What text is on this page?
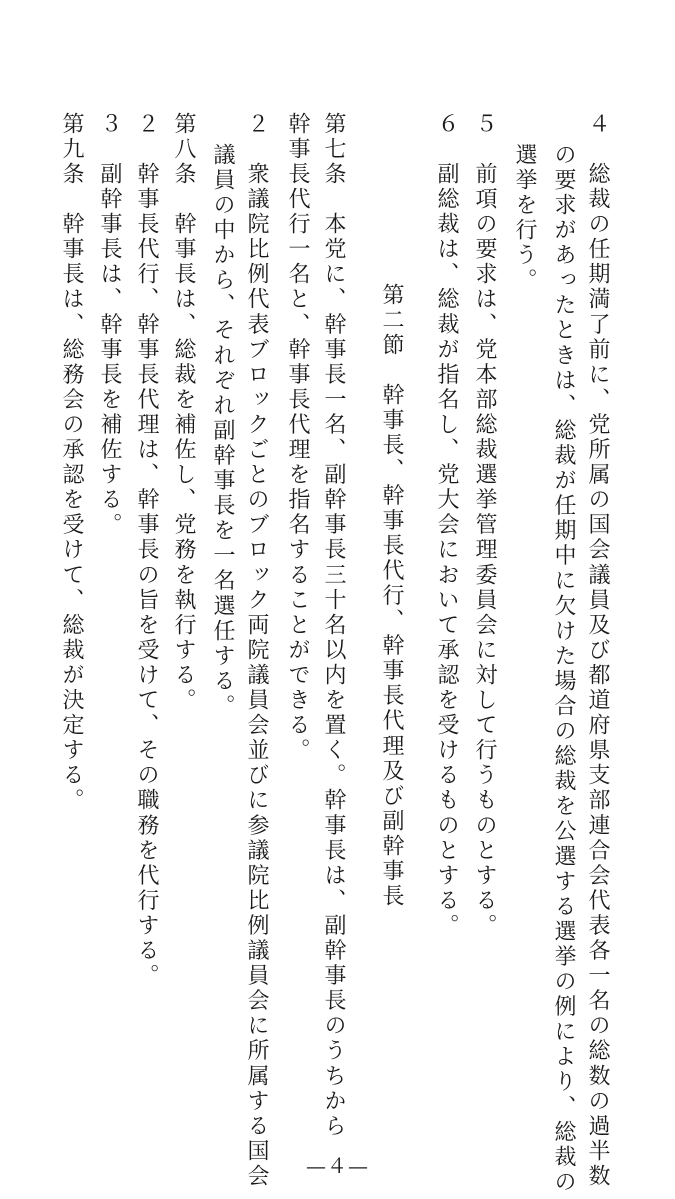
４　総裁の任期満了前に、党所属の国会議員及び都道府県支部連合会代表各一名の総数の過半数
の要求があったときは、総裁が任期中に欠けた場合の総裁を公選する選挙の例により、総裁の
選挙を行う。
５　前項の要求は、党本部総裁選挙管理委員会に対して行うものとする。
６　副総裁は、総裁が指名し、党大会において承認を受けるものとする。
第二節　幹事長、幹事長代行、幹事長代理及び副幹事長
第七条　本党に、幹事長一名、副幹事長三十名以内を置く。幹事長は、副幹事長のうちから
幹事長代行一名と、幹事長代理を指名することができる。
２　衆議院比例代表ブロックごとのブロック両院議員会並びに参議院比例議員会に所属する国会
議員の中から、それぞれ副幹事長を一名選任する。
第八条　幹事長は、総裁を補佐し、党務を執行する。
２　幹事長代行、幹事長代理は、幹事長の旨を受けて、その職務を代行する。
３　副幹事長は、幹事長を補佐する。
第九条　幹事長は、総務会の承認を受けて、総裁が決定する。
—４—
